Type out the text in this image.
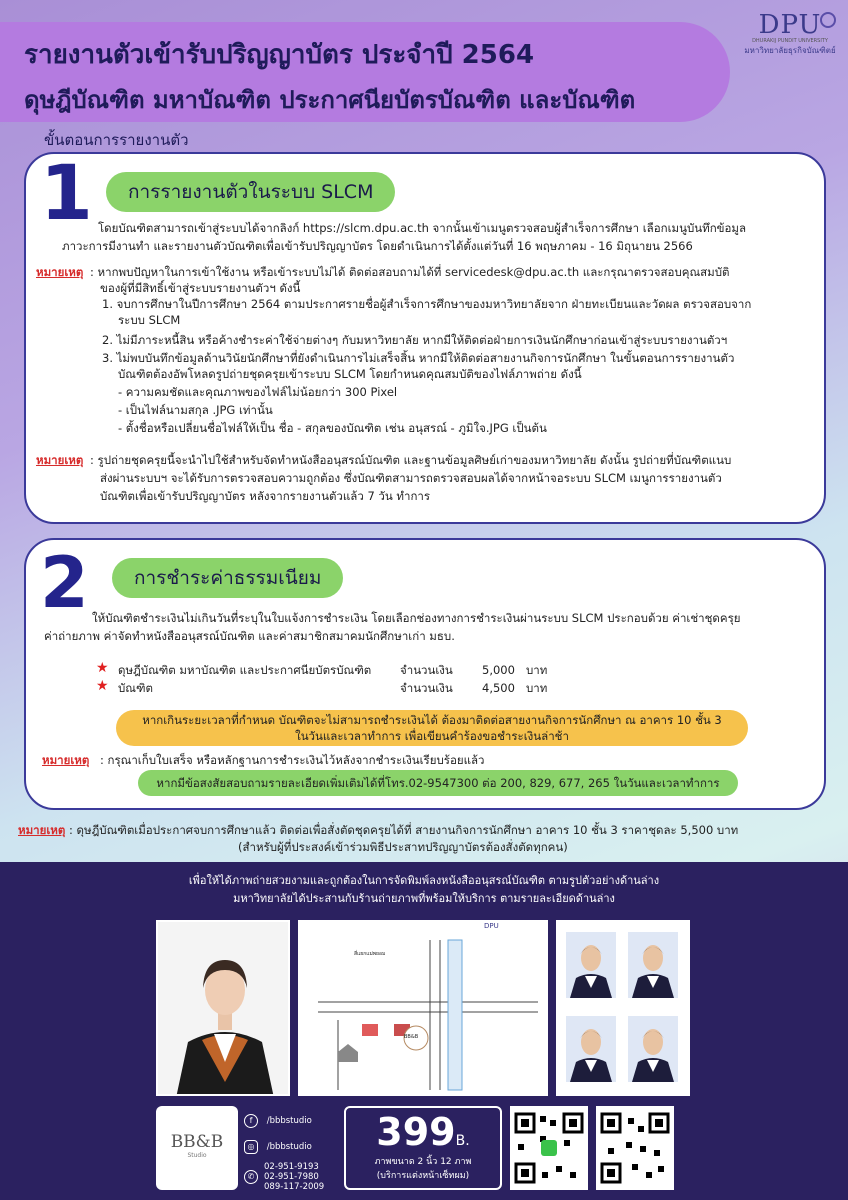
รายงานตัวเข้ารับปริญญาบัตร ประจำปี 2564
ดุษฎีบัณฑิต มหาบัณฑิต ประกาศนียบัตรบัณฑิต และบัณฑิต
DPU
DHURAKIJ PUNDIT UNIVERSITY
มหาวิทยาลัยธุรกิจบัณฑิตย์
ขั้นตอนการรายงานตัว
1	การรายงานตัวในระบบ SLCM
โดยบัณฑิตสามารถเข้าสู่ระบบได้จากลิงก์ https://slcm.dpu.ac.th จากนั้นเข้าเมนูตรวจสอบผู้สำเร็จการศึกษา เลือกเมนูบันทึกข้อมูล
ภาวะการมีงานทำ และรายงานตัวบัณฑิตเพื่อเข้ารับปริญญาบัตร โดยดำเนินการได้ตั้งแต่วันที่ 16 พฤษภาคม - 16 มิถุนายน 2566
หมายเหตุ : หากพบปัญหาในการเข้าใช้งาน หรือเข้าระบบไม่ได้ ติดต่อสอบถามได้ที่ servicedesk@dpu.ac.th และกรุณาตรวจสอบคุณสมบัติ
ของผู้ที่มีสิทธิ์เข้าสู่ระบบรายงานตัวฯ ดังนี้
1. จบการศึกษาในปีการศึกษา 2564 ตามประกาศรายชื่อผู้สำเร็จการศึกษาของมหาวิทยาลัยจาก ฝ่ายทะเบียนและวัดผล ตรวจสอบจาก
ระบบ SLCM
2. ไม่มีภาระหนี้สิน หรือค้างชำระค่าใช้จ่ายต่างๆ กับมหาวิทยาลัย หากมีให้ติดต่อฝ่ายการเงินนักศึกษาก่อนเข้าสู่ระบบรายงานตัวฯ
3. ไม่พบบันทึกข้อมูลด้านวินัยนักศึกษาที่ยังดำเนินการไม่เสร็จสิ้น หากมีให้ติดต่อสายงานกิจการนักศึกษา ในขั้นตอนการรายงานตัว
บัณฑิตต้องอัพโหลดรูปถ่ายชุดครุยเข้าระบบ SLCM โดยกำหนดคุณสมบัติของไฟล์ภาพถ่าย ดังนี้
- ความคมชัดและคุณภาพของไฟล์ไม่น้อยกว่า 300 Pixel
- เป็นไฟล์นามสกุล .JPG เท่านั้น
- ตั้งชื่อหรือเปลี่ยนชื่อไฟล์ให้เป็น ชื่อ - สกุลของบัณฑิต เช่น อนุสรณ์ - ภูมิใจ.JPG เป็นต้น
หมายเหตุ : รูปถ่ายชุดครุยนี้จะนำไปใช้สำหรับจัดทำหนังสืออนุสรณ์บัณฑิต และฐานข้อมูลศิษย์เก่าของมหาวิทยาลัย ดังนั้น รูปถ่ายที่บัณฑิตแนบ
ส่งผ่านระบบฯ จะได้รับการตรวจสอบความถูกต้อง ซึ่งบัณฑิตสามารถตรวจสอบผลได้จากหน้าจอระบบ SLCM เมนูการรายงานตัว
บัณฑิตเพื่อเข้ารับปริญญาบัตร หลังจากรายงานตัวแล้ว 7 วัน ทำการ
2	การชำระค่าธรรมเนียม
ให้บัณฑิตชำระเงินไม่เกินวันที่ระบุในใบแจ้งการชำระเงิน โดยเลือกช่องทางการชำระเงินผ่านระบบ SLCM ประกอบด้วย ค่าเช่าชุดครุย
ค่าถ่ายภาพ ค่าจัดทำหนังสืออนุสรณ์บัณฑิต และค่าสมาชิกสมาคมนักศึกษาเก่า มธบ.
★ ดุษฎีบัณฑิต มหาบัณฑิต และประกาศนียบัตรบัณฑิต	จำนวนเงิน	5,000 บาท
★ บัณฑิต	จำนวนเงิน	4,500 บาท
หากเกินระยะเวลาที่กำหนด บัณฑิตจะไม่สามารถชำระเงินได้ ต้องมาติดต่อสายงานกิจการนักศึกษา ณ อาคาร 10 ชั้น 3
ในวันและเวลาทำการ เพื่อเขียนคำร้องขอชำระเงินล่าช้า
หมายเหตุ : กรุณาเก็บใบเสร็จ หรือหลักฐานการชำระเงินไว้หลังจากชำระเงินเรียบร้อยแล้ว
หากมีข้อสงสัยสอบถามรายละเอียดเพิ่มเติมได้ที่โทร.02-9547300 ต่อ 200, 829, 677, 265 ในวันและเวลาทำการ
หมายเหตุ : ดุษฎีบัณฑิตเมื่อประกาศจบการศึกษาแล้ว ติดต่อเพื่อสั่งตัดชุดครุยได้ที่ สายงานกิจการนักศึกษา อาคาร 10 ชั้น 3 ราคาชุดละ 5,500 บาท
(สำหรับผู้ที่ประสงค์เข้าร่วมพิธีประสาทปริญญาบัตรต้องสั่งตัดทุกคน)
เพื่อให้ได้ภาพถ่ายสวยงามและถูกต้องในการจัดพิมพ์ลงหนังสืออนุสรณ์บัณฑิต ตามรูปตัวอย่างด้านล่าง
มหาวิทยาลัยได้ประสานกับร้านถ่ายภาพที่พร้อมให้บริการ ตามรายละเอียดด้านล่าง
สี่แยกแม่พยอม
DPU
BB&B
BB&B
Studio
f /bbbstudio
◎ /bbbstudio
✆
02-951-9193
02-951-7980
089-117-2009
399B.
ภาพขนาด 2 นิ้ว 12 ภาพ
(บริการแต่งหน้าเซ็ทผม)
